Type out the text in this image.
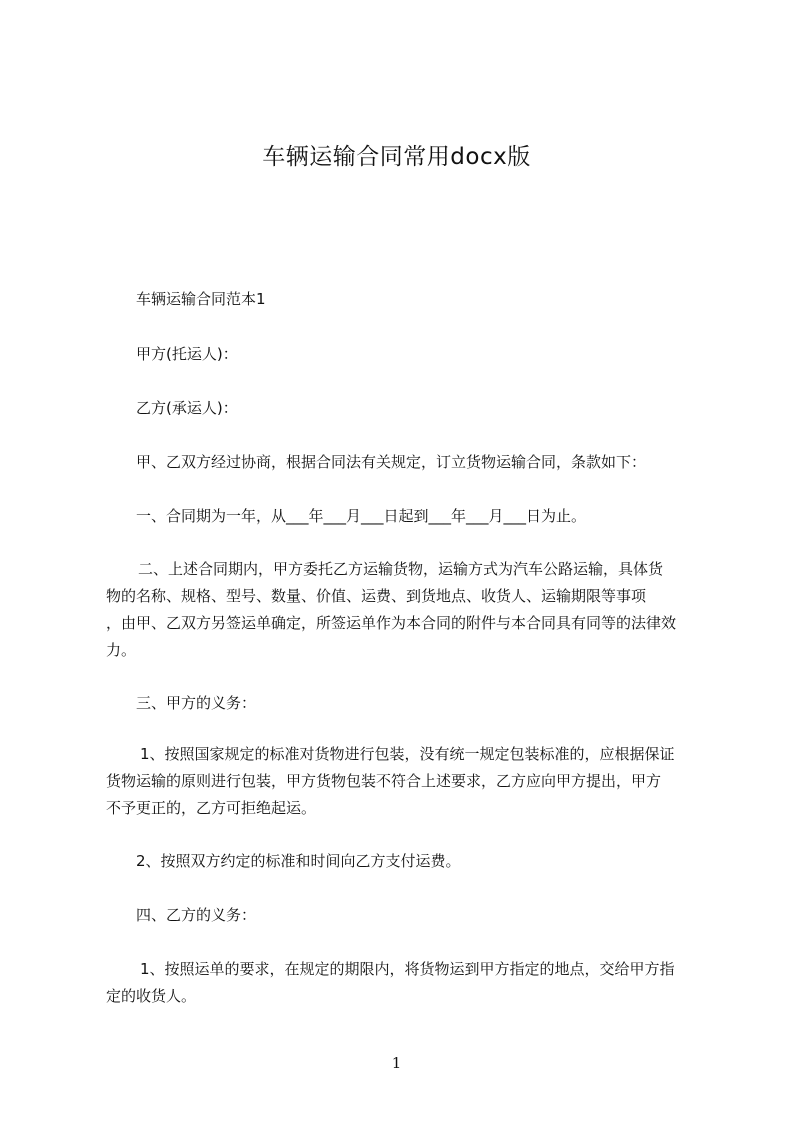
车辆运输合同常用docx版

车辆运输合同范本1

甲方(托运人)：

乙方(承运人)：

甲、乙双方经过协商，根据合同法有关规定，订立货物运输合同，条款如下：

一、合同期为一年，从___年___月___日起到___年___月___日为止。

二、上述合同期内，甲方委托乙方运输货物，运输方式为汽车公路运输，具体货
物的名称、规格、型号、数量、价值、运费、到货地点、收货人、运输期限等事项
，由甲、乙双方另签运单确定，所签运单作为本合同的附件与本合同具有同等的法律效
力。

三、甲方的义务：

1、按照国家规定的标准对货物进行包装，没有统一规定包装标准的，应根据保证
货物运输的原则进行包装，甲方货物包装不符合上述要求，乙方应向甲方提出，甲方
不予更正的，乙方可拒绝起运。

2、按照双方约定的标准和时间向乙方支付运费。

四、乙方的义务：

1、按照运单的要求，在规定的期限内，将货物运到甲方指定的地点，交给甲方指
定的收货人。
1
